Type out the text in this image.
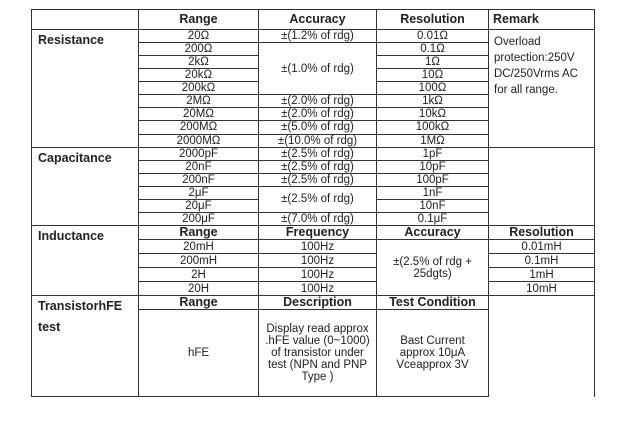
	Range	Accuracy	Resolution	Remark
Resistance	20Ω	±(1.2% of rdg)	0.01Ω	Overload protection:250V DC/250Vrms AC for all range.
	200Ω	±(1.0% of rdg)	0.1Ω	
	2kΩ		1Ω	
	20kΩ		10Ω	
	200kΩ		100Ω	
	2MΩ	±(2.0% of rdg)	1kΩ	
	20MΩ	±(2.0% of rdg)	10kΩ	
	200MΩ	±(5.0% of rdg)	100kΩ	
	2000MΩ	±(10.0% of rdg)	1MΩ	
Capacitance	2000pF	±(2.5% of rdg)	1pF	
	20nF	±(2.5% of rdg)	10pF	
	200nF	±(2.5% of rdg)	100pF	
	2μF	±(2.5% of rdg)	1nF	
	20μF		10nF	
	200μF	±(7.0% of rdg)	0.1μF	
Inductance	Range	Frequency	Accuracy	Resolution
	20mH	100Hz	±(2.5% of rdg + 25dgts)	0.01mH
	200mH	100Hz		0.1mH
	2H	100Hz		1mH
	20H	100Hz		10mH

Transistor hFE
test	Range	Description	Test Condition	
	hFE	Display read approx .hFE value (0~1000) of transistor under test (NPN and PNP Type )	Bast Current approx 10μA Vceapprox 3V	
